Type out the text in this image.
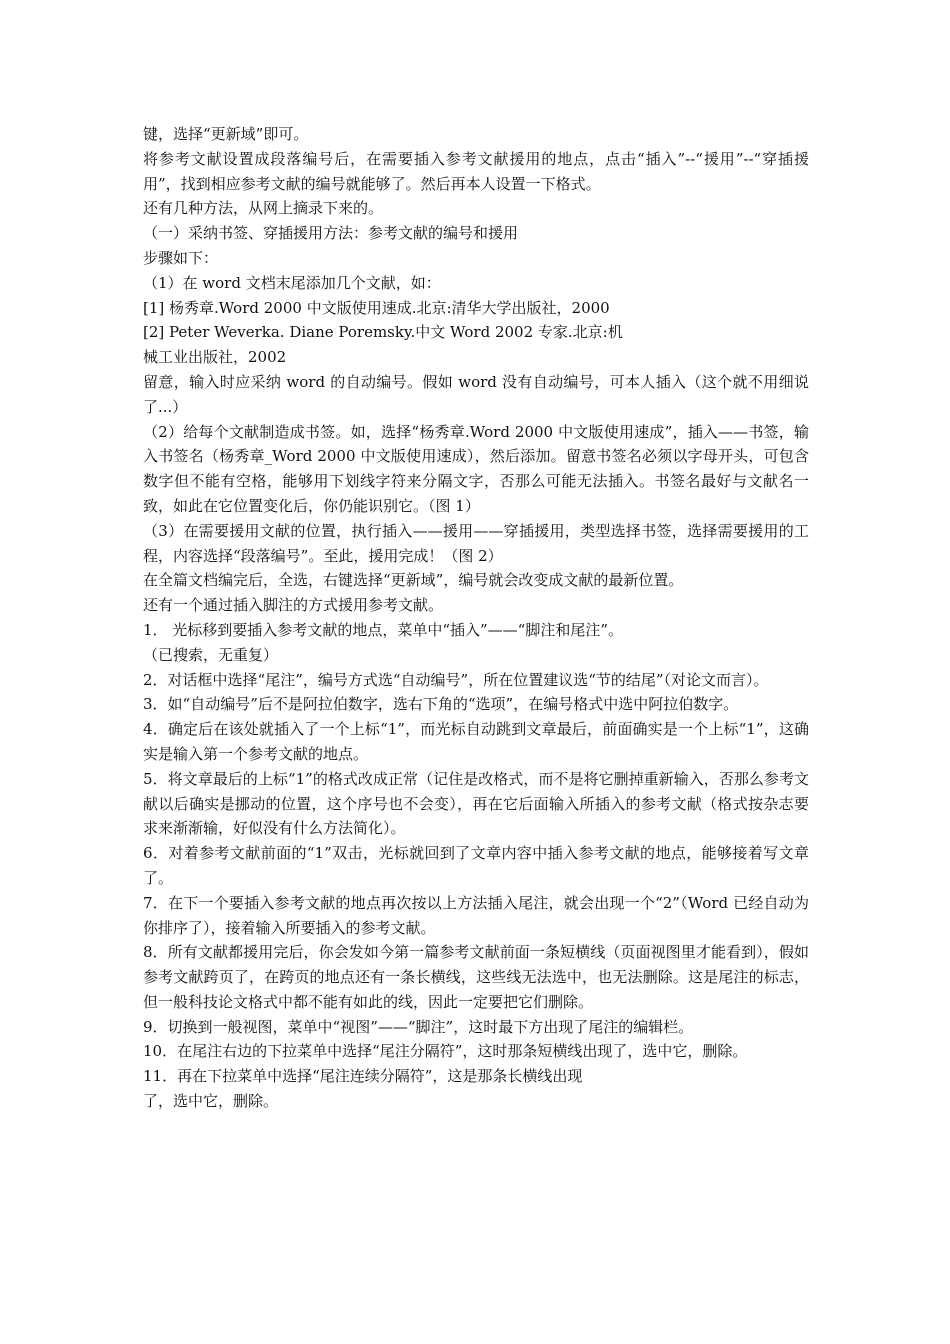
键，选择“更新域”即可。

将参考文献设置成段落编号后，在需要插入参考文献援用的地点，点击“插入”--“援用”--“穿插援用”，找到相应参考文献的编号就能够了。然后再本人设置一下格式。

还有几种方法，从网上摘录下来的。

（一）采纳书签、穿插援用方法：参考文献的编号和援用

步骤如下：

（1）在 word 文档末尾添加几个文献，如：

[1] 杨秀章.Word 2000 中文版使用速成.北京:清华大学出版社，2000

[2] Peter Weverka. Diane Poremsky.中文 Word 2002 专家.北京:机

械工业出版社，2002

留意，输入时应采纳 word 的自动编号。假如 word 没有自动编号，可本人插入（这个就不用细说了...）

（2）给每个文献制造成书签。如，选择“杨秀章.Word 2000 中文版使用速成”，插入——书签，输入书签名（杨秀章_Word 2000 中文版使用速成），然后添加。留意书签名必须以字母开头，可包含数字但不能有空格，能够用下划线字符来分隔文字，否那么可能无法插入。书签名最好与文献名一致，如此在它位置变化后，你仍能识别它。（图 1）

（3）在需要援用文献的位置，执行插入——援用——穿插援用，类型选择书签，选择需要援用的工程，内容选择“段落编号”。至此，援用完成！（图 2）

在全篇文档编完后，全选，右键选择“更新域”，编号就会改变成文献的最新位置。

还有一个通过插入脚注的方式援用参考文献。

1． 光标移到要插入参考文献的地点，菜单中“插入”——“脚注和尾注”。

（已搜索，无重复）

2．对话框中选择“尾注”，编号方式选“自动编号”，所在位置建议选“节的结尾”（对论文而言）。

3．如“自动编号”后不是阿拉伯数字，选右下角的“选项”，在编号格式中选中阿拉伯数字。

4．确定后在该处就插入了一个上标“1”，而光标自动跳到文章最后，前面确实是一个上标“1”，这确实是输入第一个参考文献的地点。

5．将文章最后的上标“1”的格式改成正常（记住是改格式，而不是将它删掉重新输入，否那么参考文献以后确实是挪动的位置，这个序号也不会变），再在它后面输入所插入的参考文献（格式按杂志要求来渐渐输，好似没有什么方法简化）。

6．对着参考文献前面的“1”双击，光标就回到了文章内容中插入参考文献的地点，能够接着写文章了。

7．在下一个要插入参考文献的地点再次按以上方法插入尾注，就会出现一个“2”（Word 已经自动为你排序了），接着输入所要插入的参考文献。

8．所有文献都援用完后，你会发如今第一篇参考文献前面一条短横线（页面视图里才能看到），假如参考文献跨页了，在跨页的地点还有一条长横线，这些线无法选中，也无法删除。这是尾注的标志，但一般科技论文格式中都不能有如此的线，因此一定要把它们删除。

9．切换到一般视图，菜单中“视图”——“脚注”，这时最下方出现了尾注的编辑栏。

10．在尾注右边的下拉菜单中选择“尾注分隔符”，这时那条短横线出现了，选中它，删除。

11．再在下拉菜单中选择“尾注连续分隔符”，这是那条长横线出现

了，选中它，删除。
